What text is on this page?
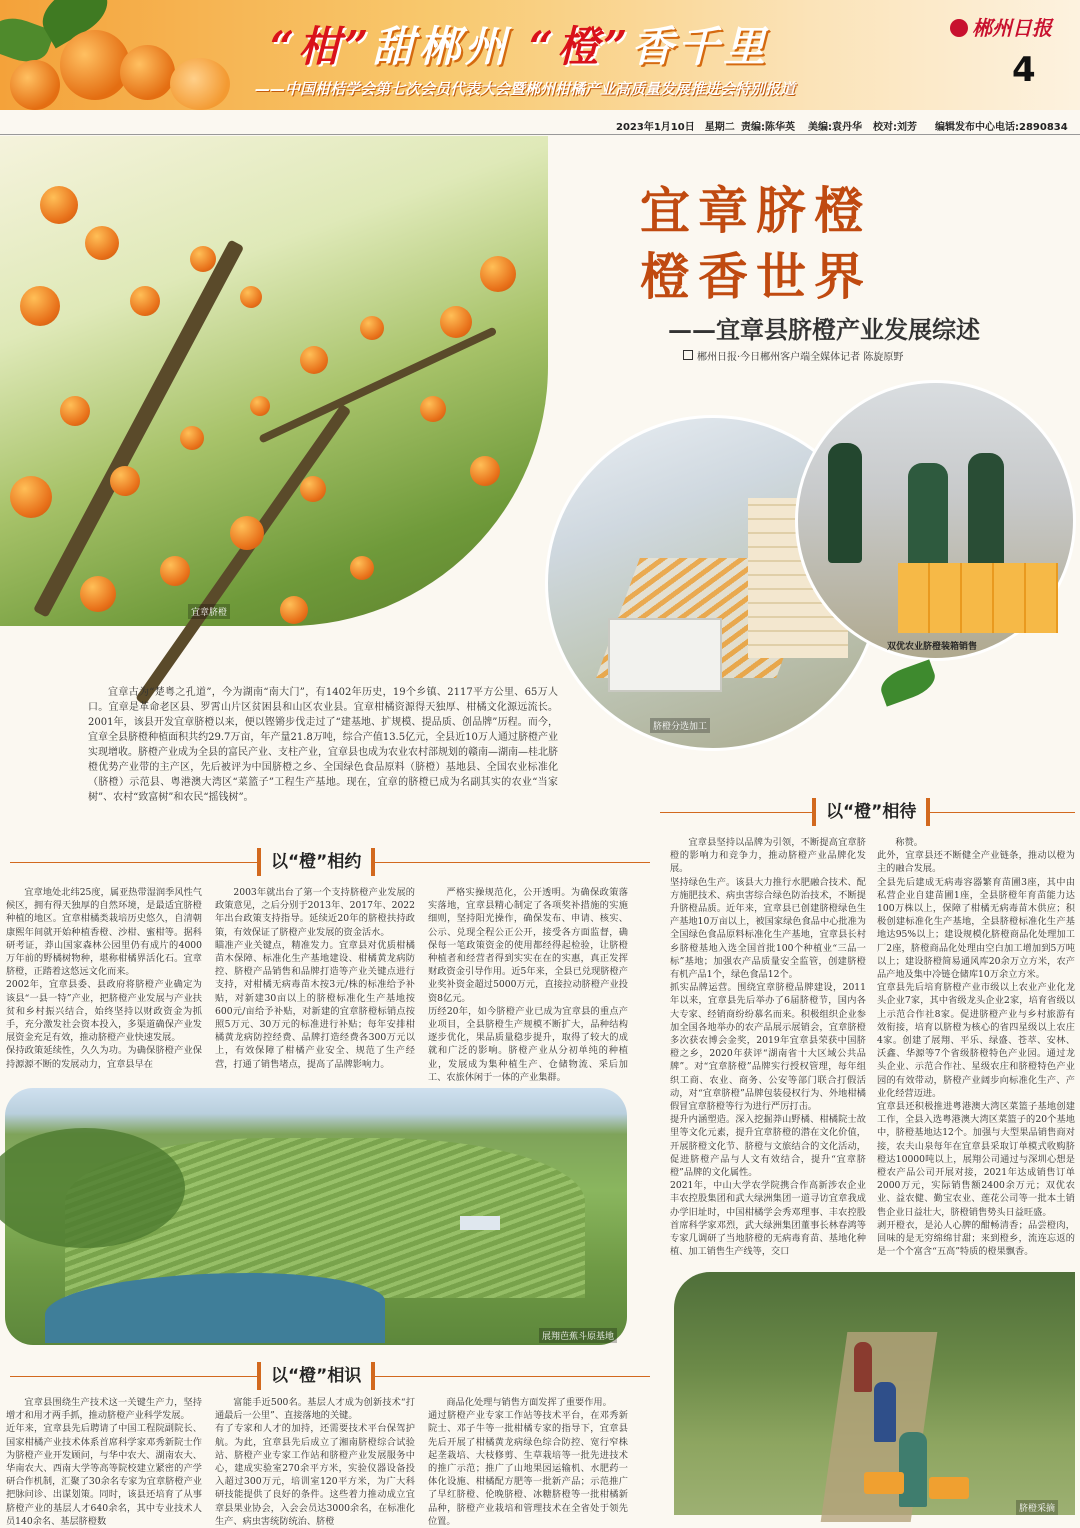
“柑”甜郴州 “橙”香千里
——中国柑桔学会第七次会员代表大会暨郴州柑橘产业高质量发展推进会特别报道
郴州日报
4
2023年1月10日　星期二 责编:陈华英 美编:袁丹华 校对:刘芳 编辑发布中心电话:2890834
宜章脐橙
宜章脐橙
橙香世界
——宜章县脐橙产业发展综述
郴州日报·今日郴州客户端全媒体记者 陈旋原野
脐橙分选加工
双优农业脐橙装箱销售
宜章古为“楚粤之孔道”，今为湖南“南大门”，有1402年历史，19个乡镇、2117平方公里、65万人口。宜章是革命老区县、罗霄山片区贫困县和山区农业县。宜章柑橘资源得天独厚、柑橘文化源远流长。2001年，该县开发宜章脐橙以来，便以铿锵步伐走过了“建基地、扩规模、提品质、创品牌”历程。而今，宜章全县脐橙种植面积共约29.7万亩，年产量21.8万吨，综合产值13.5亿元，全县近10万人通过脐橙产业实现增收。脐橙产业成为全县的富民产业、支柱产业，宜章县也成为农业农村部规划的赣南—湖南—桂北脐橙优势产业带的主产区，先后被评为中国脐橙之乡、全国绿色食品原料（脐橙）基地县、全国农业标准化（脐橙）示范县、粤港澳大湾区“菜篮子”工程生产基地。现在，宜章的脐橙已成为名副其实的农业“当家树”、农村“致富树”和农民“摇钱树”。
以“橙”相约

宜章地处北纬25度，属亚热带湿润季风性气候区，拥有得天独厚的自然环境，是最适宜脐橙种植的地区。宜章柑橘类栽培历史悠久，自清朝康熙年间就开始种植香橙、沙柑、蜜柑等。据科研考证，莽山国家森林公园里仍有成片的4000万年前的野橘树物种，堪称柑橘界活化石。宜章脐橙，正踏着这悠远文化而来。
2002年，宜章县委、县政府将脐橙产业确定为该县“一县一特”产业，把脐橙产业发展与产业扶贫和乡村振兴结合，始终坚持以财政资金为抓手，充分激发社会资本投入，多渠道确保产业发展资金充足有效，推动脐橙产业快速发展。
保持政策延续性，久久为功。为确保脐橙产业保持源源不断的发展动力，宜章县早在

2003年就出台了第一个支持脐橙产业发展的政策意见，之后分别于2013年、2017年、2022年出台政策支持指导。延续近20年的脐橙扶持政策，有效保证了脐橙产业发展的资金活水。
瞄准产业关键点，精准发力。宜章县对优质柑橘苗木保障、标准化生产基地建设、柑橘黄龙病防控、脐橙产品销售和品牌打造等产业关键点进行支持，对柑橘无病毒苗木按3元/株的标准给予补贴，对新建30亩以上的脐橙标准化生产基地按600元/亩给予补贴，对新建的宜章脐橙标销点按照5万元、30万元的标准进行补贴；每年安排柑橘黄龙病防控经费、品牌打造经费各300万元以上，有效保障了柑橘产业安全、规范了生产经营，打通了销售堵点，提高了品牌影响力。

严格实操规范化，公开透明。为确保政策落实落地，宜章县精心制定了各项奖补措施的实施细则，坚持阳光操作，确保发布、申请、核实、公示、兑现全程公正公开，接受各方面监督，确保每一笔政策资金的使用都经得起检验，让脐橙种植者和经营者得到实实在在的实惠，真正发挥财政资金引导作用。近5年来，全县已兑现脐橙产业奖补资金超过5000万元，直接拉动脐橙产业投资8亿元。
历经20年，如今脐橙产业已成为宜章县的重点产业项目，全县脐橙生产规模不断扩大，品种结构逐步优化，果品质量稳步提升，取得了较大的成就和广泛的影响。脐橙产业从分初单纯的种植业，发展成为集种植生产、仓储物流、采后加工、农旅休闲于一体的产业集群。

展翔芭蕉斗原基地
以“橙”相识

宜章县围绕生产技术这一关键生产力，坚持增才和用才两手抓，推动脐橙产业科学发展。
近年来，宜章县先后聘请了中国工程院副院长、国家柑橘产业技术体系首席科学家邓秀新院士作为脐橙产业开发顾问，与华中农大、湖南农大、华南农大、西南大学等高等院校建立紧密的产学研合作机制，汇聚了30余名专家为宜章脐橙产业把脉问诊、出谋划策。同时，该县还培育了从事脐橙产业的基层人才640余名，其中专业技术人员140余名、基层脐橙数

富能手近500名。基层人才成为创新技术“打通最后一公里”、直接落地的关键。
有了专家和人才的加持，还需要技术平台保驾护航。为此，宜章县先后成立了湘南脐橙综合试验站、脐橙产业专家工作站和脐橙产业发展服务中心，建成实验室270余平方米，实验仪器设备投入超过300万元，培训室120平方米，为广大科研技能提供了良好的条件。这些着力推动成立宜章县果业协会，入会会员达3000余名，在标准化生产、病虫害统防统治、脐橙

商品化处理与销售方面发挥了重要作用。
通过脐橙产业专家工作站等技术平台，在邓秀新院士、邓子牛等一批柑橘专家的指导下，宜章县先后开展了柑橘黄龙病绿色综合防控、宽行窄株起垄栽培、大枝修剪、生草栽培等一批先进技术的推广示范；推广了山地果园运输机、水肥药一体化设施、柑橘配方肥等一批新产品；示范推广了早红脐橙、伦晚脐橙、冰糖脐橙等一批柑橘新品种，脐橙产业栽培和管理技术在全省处于领先位置。

以“橙”相待

宜章县坚持以品牌为引领，不断提高宜章脐橙的影响力和竞争力，推动脐橙产业品牌化发展。
坚持绿色生产。该县大力推行水肥融合技术、配方施肥技术、病虫害综合绿色防治技术，不断提升脐橙品质。近年来，宜章县已创建脐橙绿色生产基地10万亩以上，被国家绿色食品中心批准为全国绿色食品原料标准化生产基地，宜章县长村乡脐橙基地入选全国首批100个种植业“三品一标”基地；加强农产品质量安全监管，创建脐橙有机产品1个，绿色食品12个。
抓实品牌运营。围绕宜章脐橙品牌建设，2011年以来，宜章县先后举办了6届脐橙节，国内各大专家、经销商纷纷慕名而来。积极组织企业参加全国各地举办的农产品展示展销会，宜章脐橙多次获农博会金奖，2019年宜章县荣获中国脐橙之乡，2020年获评“湖南省十大区域公共品牌”。对“宜章脐橙”品牌实行授权管理，每年组织工商、农业、商务、公安等部门联合打假活动，对“宜章脐橙”品牌包装侵权行为、外地柑橘假冒宜章脐橙等行为进行严厉打击。
提升内涵塑造。深入挖掘莽山野橘、柑橘院士故里等文化元素，提升宜章脐橙的潜在文化价值，开展脐橙文化节、脐橙与文旅结合的文化活动，促进脐橙产品与人文有效结合，提升“宜章脐橙”品牌的文化属性。
2021年，中山大学农学院携合作高新涉农企业丰农控股集团和武大绿洲集团一道寻访宜章我成办学旧址时，中国柑橘学会秀邓理事、丰农控股首席科学家邓烈，武大绿洲集团董事长林春鸿等专家几调研了当地脐橙的无病毒育苗、基地化种植、加工销售生产线等，交口

称赞。
此外，宜章县还不断健全产业链条，推动以橙为主的融合发展。
全县先后建成无病毒容器繁育苗圃3座，其中由私营企业自建苗圃1座，全县脐橙年育苗能力达100万株以上，保障了柑橘无病毒苗木供应；积极创建标准化生产基地，全县脐橙标准化生产基地达95%以上；建设规模化脐橙商品化处理加工厂2座，脐橙商品化处理由空白加工增加到5万吨以上；建设脐橙简易通风库20余万立方米，农产品产地及集中冷链仓储库10万余立方米。
宜章县先后培育脐橙产业市级以上农业产业化龙头企业7家，其中省级龙头企业2家，培育省级以上示范合作社8家。促进脐橙产业与乡村旅游有效衔接，培育以脐橙为核心的省四星级以上农庄4家。创建了展翔、平乐、绿盛、苍萃、安林、沃鑫、华源等7个省级脐橙特色产业园。通过龙头企业、示范合作社、星级农庄和脐橙特色产业园的有效带动，脐橙产业阔步向标准化生产、产业化经营迈进。
宜章县还积极推进粤港澳大湾区菜篮子基地创建工作，全县入选粤港澳大湾区菜篮子的20个基地中，脐橙基地达12个。加强与大型果品销售商对接，农夫山泉每年在宜章县采取订单模式收购脐橙达10000吨以上，展翔公司通过与深圳心想是橙农产品公司开展对接，2021年达成销售订单2000万元，实际销售额2400余万元；双优农业、益农健、勤宝农业、莲花公司等一批本土销售企业日益壮大，脐橙销售势头日益旺盛。
剥开橙衣，是沁人心脾的酣畅清香；品尝橙肉，回味的是无穷绵绵甘甜；来到橙乡，流连忘返的是一个个富含“五高”特质的橙果飘香。

脐橙采摘
